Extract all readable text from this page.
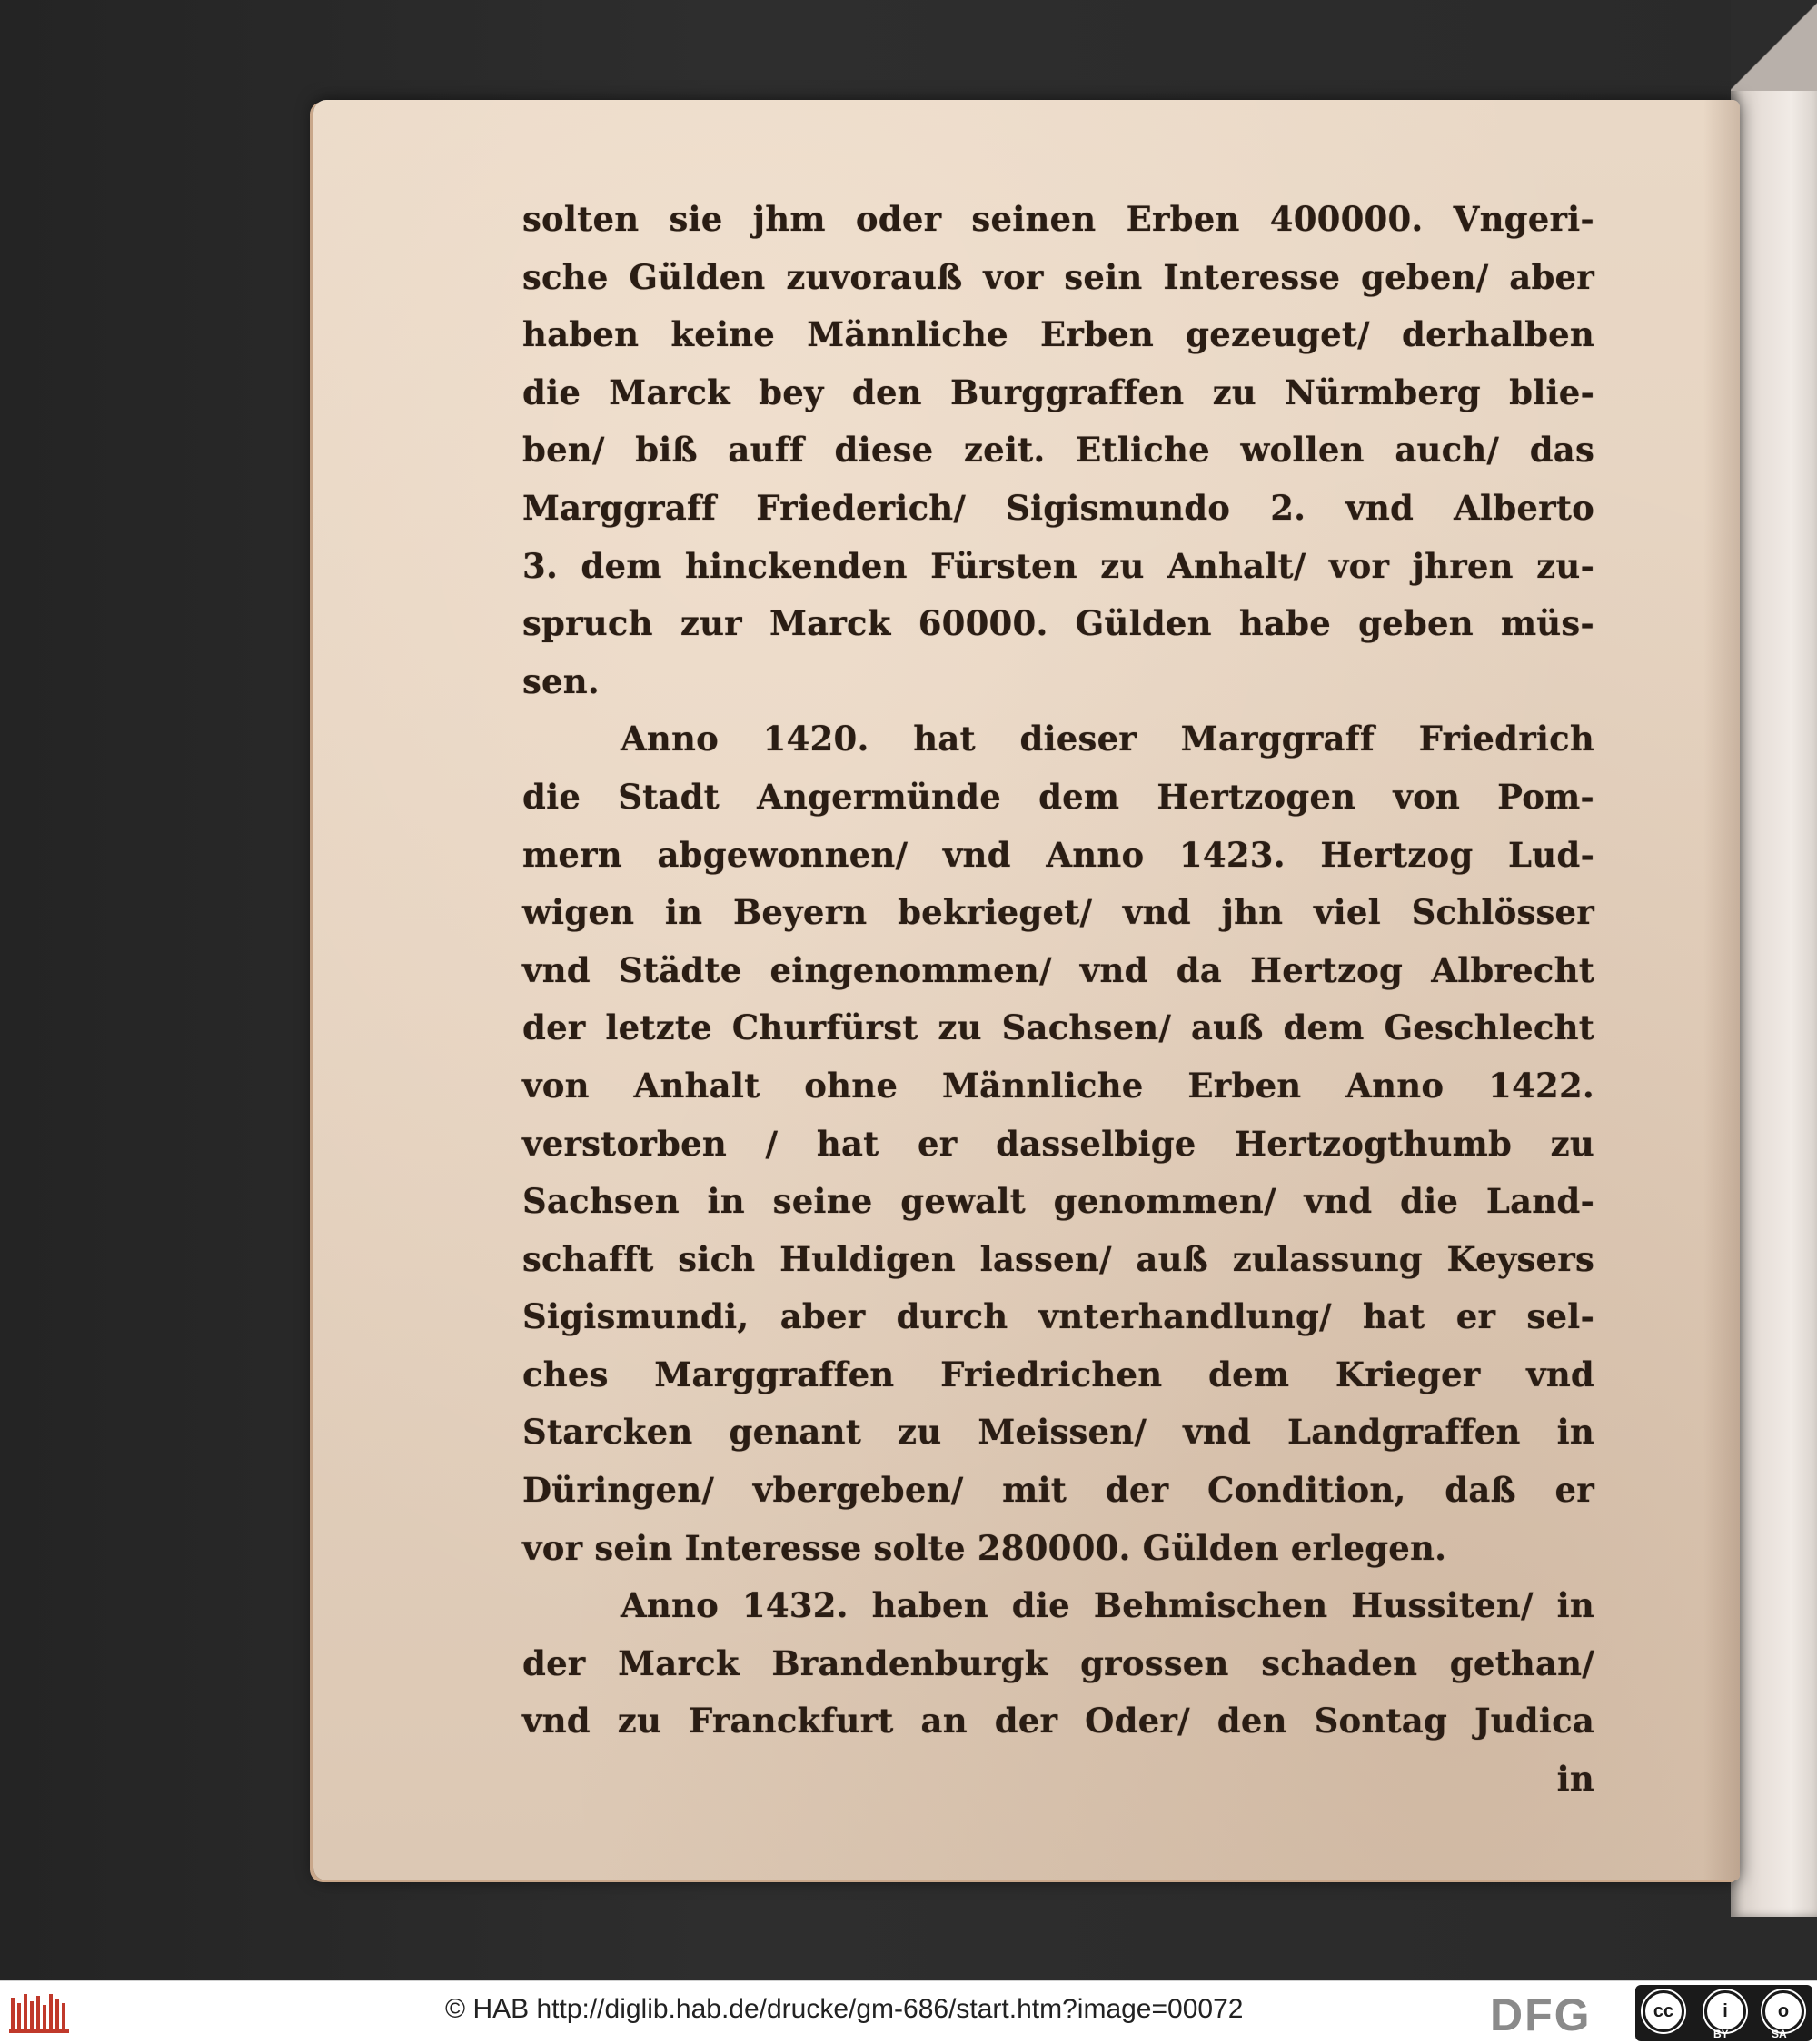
solten sie jhm oder seinen Erben 400000. Vngeri-
sche Gülden zuvorauß vor sein Interesse geben/ aber
haben keine Männliche Erben gezeuget/ derhalben
die Marck bey den Burggraffen zu Nürmberg blie-
ben/ biß auff diese zeit. Etliche wollen auch/ das
Marggraff Friederich/ Sigismundo 2. vnd Alberto
3. dem hinckenden Fürsten zu Anhalt/ vor jhren zu-
spruch zur Marck 60000. Gülden habe geben müs-
sen.
Anno 1420. hat dieser Marggraff Friedrich
die Stadt Angermünde dem Hertzogen von Pom-
mern abgewonnen/ vnd Anno 1423. Hertzog Lud-
wigen in Beyern bekrieget/ vnd jhn viel Schlösser
vnd Städte eingenommen/ vnd da Hertzog Albrecht
der letzte Churfürst zu Sachsen/ auß dem Geschlecht
von Anhalt ohne Männliche Erben Anno 1422.
verstorben / hat er dasselbige Hertzogthumb zu
Sachsen in seine gewalt genommen/ vnd die Land-
schafft sich Huldigen lassen/ auß zulassung Keysers
Sigismundi, aber durch vnterhandlung/ hat er sel-
ches Marggraffen Friedrichen dem Krieger vnd
Starcken genant zu Meissen/ vnd Landgraffen in
Düringen/ vbergeben/ mit der Condition, daß er
vor sein Interesse solte 280000. Gülden erlegen.
Anno 1432. haben die Behmischen Hussiten/ in
der Marck Brandenburgk grossen schaden gethan/
vnd zu Franckfurt an der Oder/ den Sontag Judica
in
© HAB http://diglib.hab.de/drucke/gm-686/start.htm?image=00072	DFG	cc	i	o
BY	SA
